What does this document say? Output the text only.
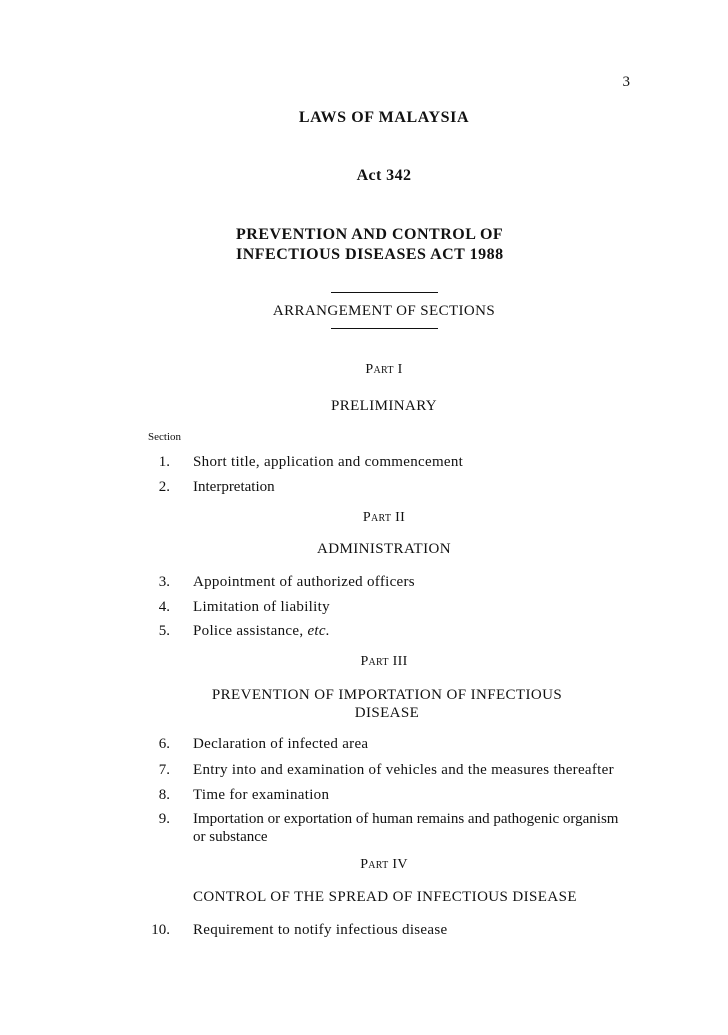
3
LAWS OF MALAYSIA
Act 342
PREVENTION AND CONTROL OF
INFECTIOUS DISEASES ACT 1988
ARRANGEMENT OF SECTIONS
Part I
PRELIMINARY
Section
1. Short title, application and commencement
2. Interpretation
Part II
ADMINISTRATION
3. Appointment of authorized officers
4. Limitation of liability
5. Police assistance, etc.
Part III
PREVENTION OF IMPORTATION OF INFECTIOUS
DISEASE
6. Declaration of infected area
7. Entry into and examination of vehicles and the measures thereafter
8. Time for examination
9. Importation or exportation of human remains and pathogenic organism
or substance
Part IV
CONTROL OF THE SPREAD OF INFECTIOUS DISEASE
10. Requirement to notify infectious disease
